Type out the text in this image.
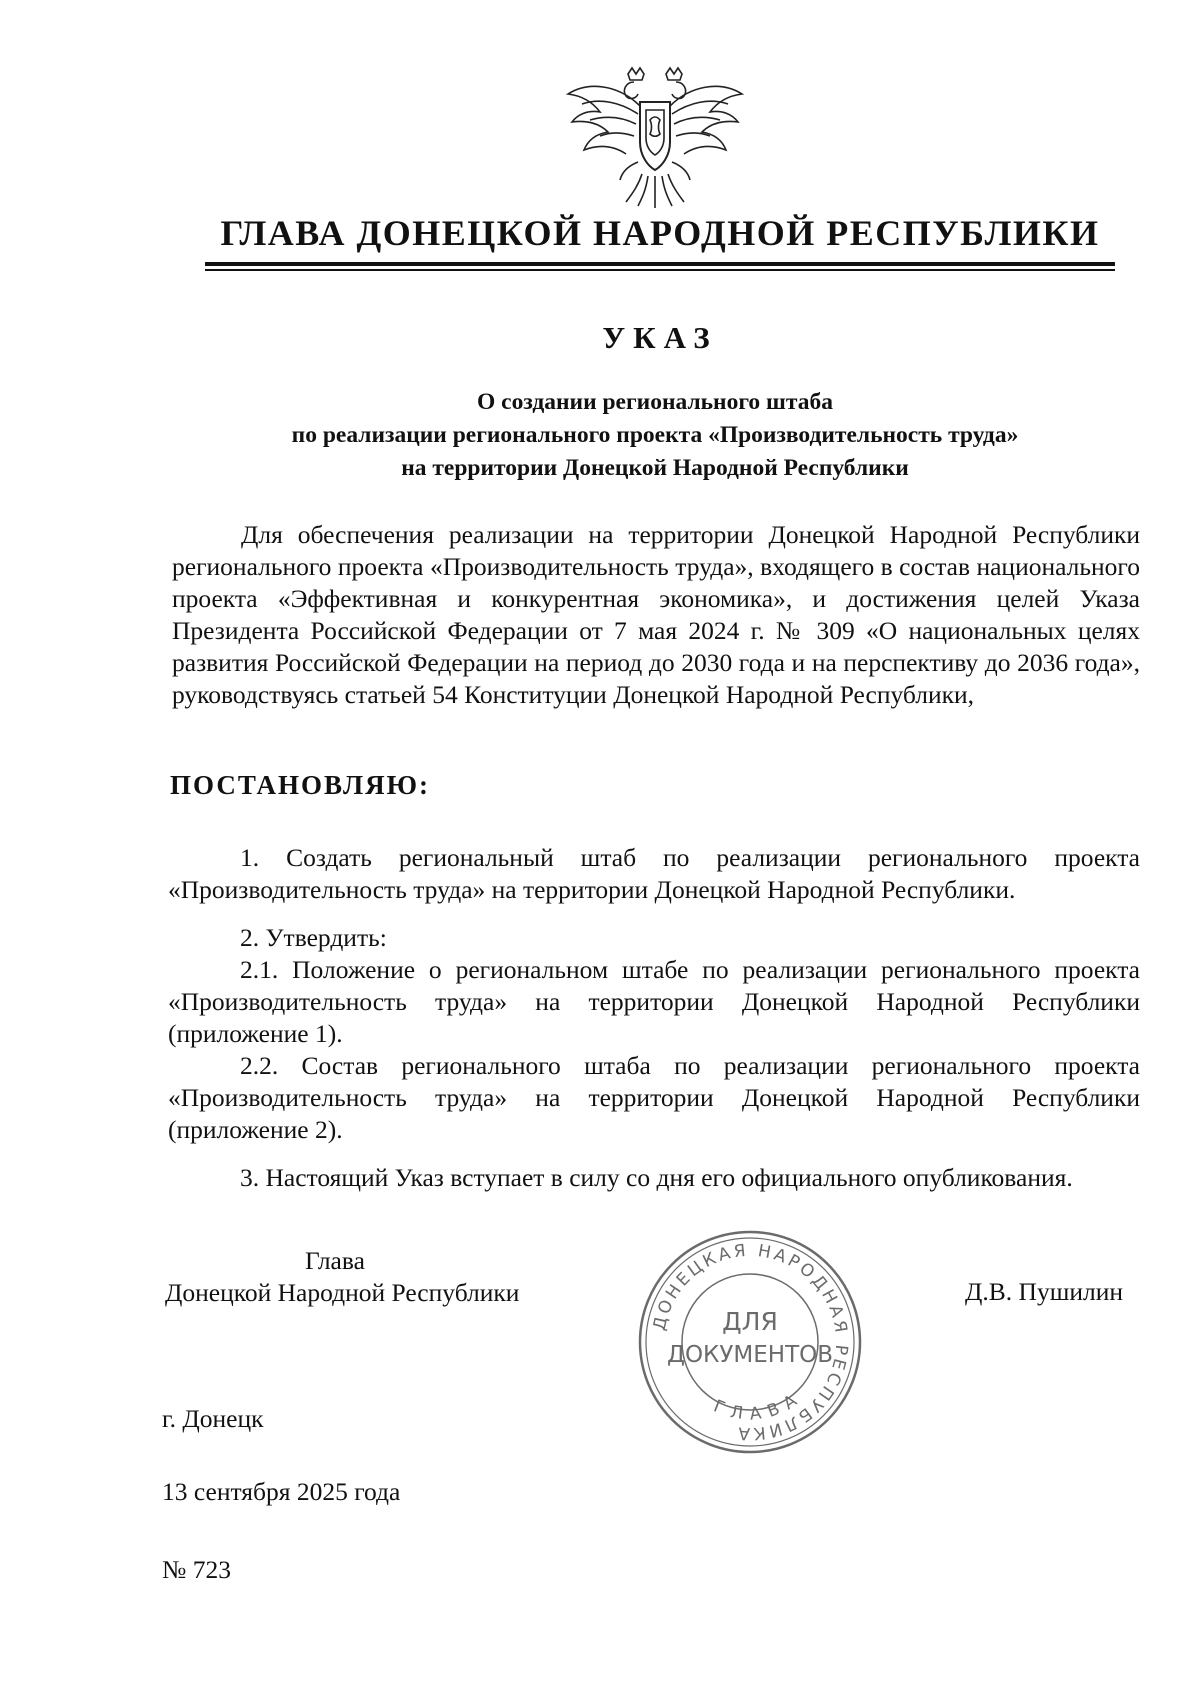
ГЛАВА ДОНЕЦКОЙ НАРОДНОЙ РЕСПУБЛИКИ
УКАЗ
О создании регионального штаба
по реализации регионального проекта «Производительность труда»
на территории Донецкой Народной Республики
Для обеспечения реализации на территории Донецкой Народной Республики регионального проекта «Производительность труда», входящего в состав национального проекта «Эффективная и конкурентная экономика», и достижения целей Указа Президента Российской Федерации от 7 мая 2024 г. № 309 «О национальных целях развития Российской Федерации на период до 2030 года и на перспективу до 2036 года», руководствуясь статьей 54 Конституции Донецкой Народной Республики,
ПОСТАНОВЛЯЮ:

1. Создать региональный штаб по реализации регионального проекта «Производительность труда» на территории Донецкой Народной Республики.

2. Утвердить:

2.1. Положение о региональном штабе по реализации регионального проекта «Производительность труда» на территории Донецкой Народной Республики (приложение 1).

2.2. Состав регионального штаба по реализации регионального проекта «Производительность труда» на территории Донецкой Народной Республики (приложение 2).

3. Настоящий Указ вступает в силу со дня его официального опубликования.

Глава
Донецкой Народной Республики
ДОНЕЦКАЯ НАРОДНАЯ РЕСПУБЛИКА
ГЛАВА
ДЛЯ
ДОКУМЕНТОВ
Д.В. Пушилин
г. Донецк
13 сентября 2025 года
№ 723
